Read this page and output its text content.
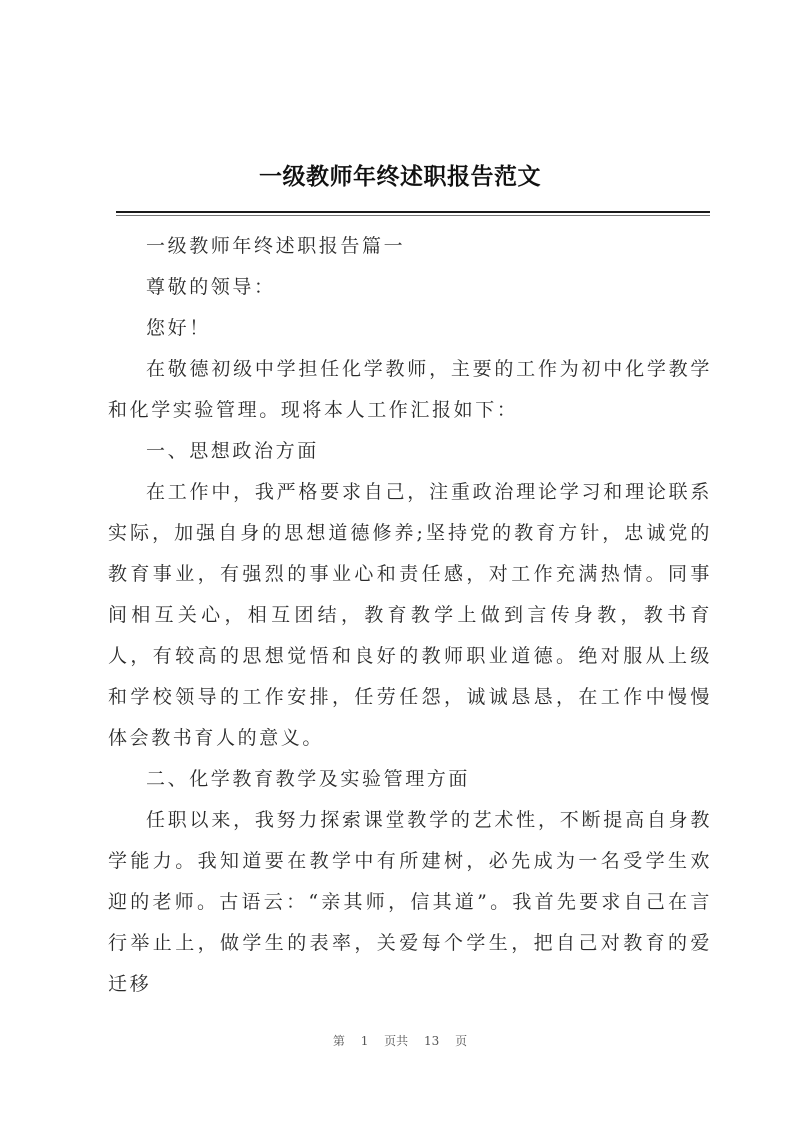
一级教师年终述职报告范文

一级教师年终述职报告篇一

尊敬的领导：

您好！

在敬德初级中学担任化学教师，主要的工作为初中化学教学和化学实验管理。现将本人工作汇报如下：

一、思想政治方面

在工作中，我严格要求自己，注重政治理论学习和理论联系实际，加强自身的思想道德修养;坚持党的教育方针，忠诚党的教育事业，有强烈的事业心和责任感，对工作充满热情。同事间相互关心，相互团结，教育教学上做到言传身教，教书育人，有较高的思想觉悟和良好的教师职业道德。绝对服从上级和学校领导的工作安排，任劳任怨，诚诚恳恳，在工作中慢慢体会教书育人的意义。

二、化学教育教学及实验管理方面

任职以来，我努力探索课堂教学的艺术性，不断提高自身教学能力。我知道要在教学中有所建树，必先成为一名受学生欢迎的老师。古语云：“亲其师，信其道”。我首先要求自己在言行举止上，做学生的表率，关爱每个学生，把自己对教育的爱迁移

第 1 页共 13 页
